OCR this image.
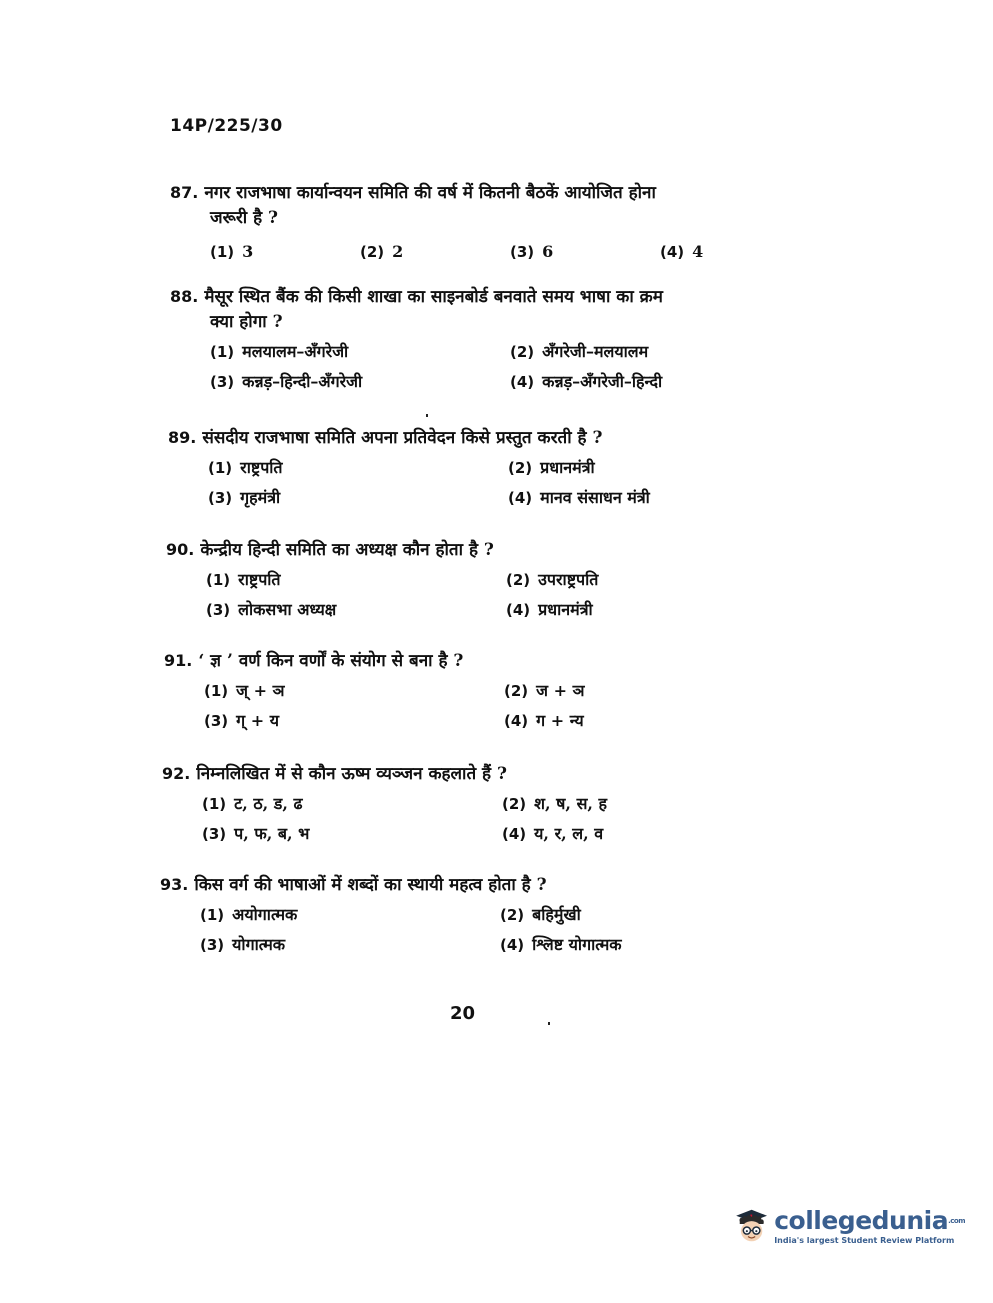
14P/225/30
87. नगर राजभाषा कार्यान्वयन समिति की वर्ष में कितनी बैठकें आयोजित होना
जरूरी है ?
(1) 3	(2) 2	(3) 6	(4) 4
88. मैसूर स्थित बैंक की किसी शाखा का साइनबोर्ड बनवाते समय भाषा का क्रम
क्या होगा ?
(1) मलयालम–अँगरेजी	(2) अँगरेजी–मलयालम
(3) कन्नड़–हिन्दी–अँगरेजी	(4) कन्नड़–अँगरेजी–हिन्दी
89. संसदीय राजभाषा समिति अपना प्रतिवेदन किसे प्रस्तुत करती है ?
(1) राष्ट्रपति	(2) प्रधानमंत्री
(3) गृहमंत्री	(4) मानव संसाधन मंत्री
90. केन्द्रीय हिन्दी समिति का अध्यक्ष कौन होता है ?
(1) राष्ट्रपति	(2) उपराष्ट्रपति
(3) लोकसभा अध्यक्ष	(4) प्रधानमंत्री
91. ‘ ज्ञ ’ वर्ण किन वर्णों के संयोग से बना है ?
(1) ज् + ञ	(2) ज + ञ
(3) ग् + य	(4) ग + न्य
92. निम्नलिखित में से कौन ऊष्म व्यञ्जन कहलाते हैं ?
(1) ट, ठ, ड, ढ	(2) श, ष, स, ह
(3) प, फ, ब, भ	(4) य, र, ल, व
93. किस वर्ग की भाषाओं में शब्दों का स्थायी महत्व होता है ?
(1) अयोगात्मक	(2) बहिर्मुखी
(3) योगात्मक	(4) श्लिष्ट योगात्मक
20
collegedunia$^{.com}$
India's largest Student Review Platform
